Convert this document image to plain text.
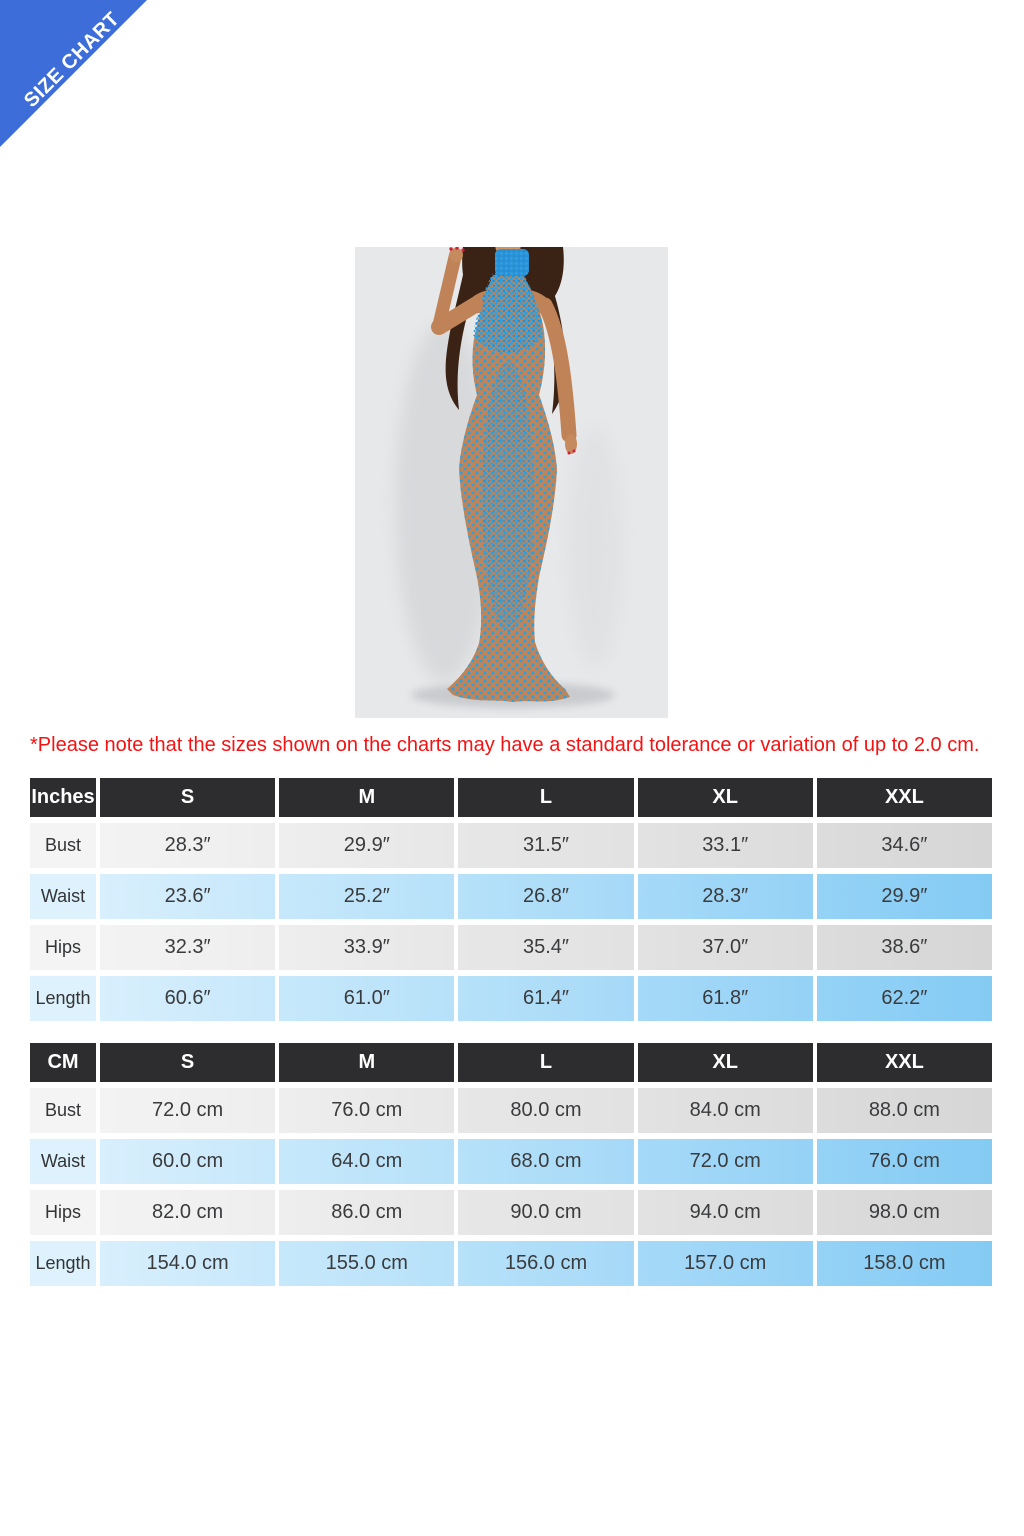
SIZE CHART

*Please note that the sizes shown on the charts may have a standard tolerance or variation of up to 2.0 cm.

Inches	S	M	L	XL	XXL
Bust	28.3″	29.9″	31.5″	33.1″	34.6″
Waist	23.6″	25.2″	26.8″	28.3″	29.9″
Hips	32.3″	33.9″	35.4″	37.0″	38.6″
Length	60.6″	61.0″	61.4″	61.8″	62.2″
CM	S	M	L	XL	XXL
Bust	72.0 cm	76.0 cm	80.0 cm	84.0 cm	88.0 cm
Waist	60.0 cm	64.0 cm	68.0 cm	72.0 cm	76.0 cm
Hips	82.0 cm	86.0 cm	90.0 cm	94.0 cm	98.0 cm
Length	154.0 cm	155.0 cm	156.0 cm	157.0 cm	158.0 cm
